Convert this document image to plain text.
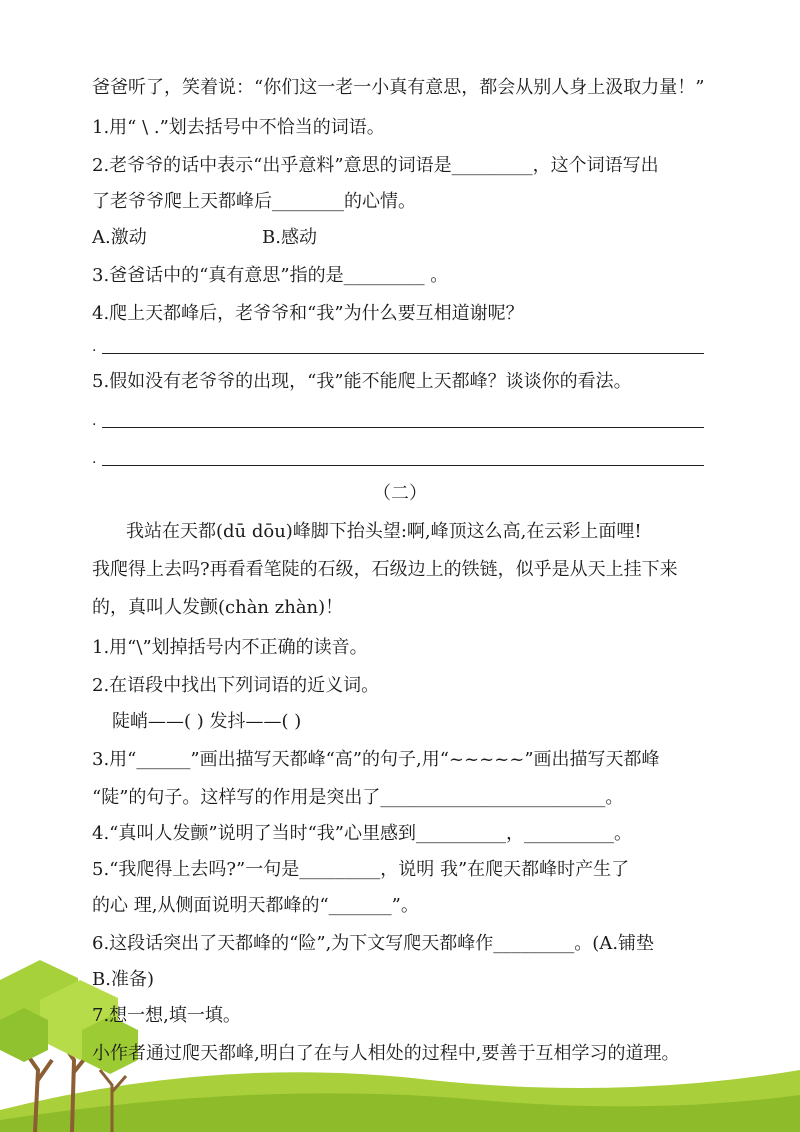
爸爸听了，笑着说：“你们这一老一小真有意思，都会从别人身上汲取力量！”
1.用“ \ .”划去括号中不恰当的词语。
2.老爷爷的话中表示“出乎意料”意思的词语是_________，这个词语写出
了老爷爷爬上天都峰后________的心情。
A.激动	B.感动
3.爸爸话中的“真有意思”指的是_________ 。
4.爬上天都峰后，老爷爷和“我”为什么要互相道谢呢？
.
5.假如没有老爷爷的出现，“我”能不能爬上天都峰？谈谈你的看法。
.
.
（二）
我站在天都(dū dōu)峰脚下抬头望:啊,峰顶这么高,在云彩上面哩!
我爬得上去吗?再看看笔陡的石级，石级边上的铁链，似乎是从天上挂下来
的，真叫人发颤(chàn zhàn)！
1.用“\”划掉括号内不正确的读音。
2.在语段中找出下列词语的近义词。
陡峭——( ) 发抖——( )
3.用“______”画出描写天都峰“高”的句子,用“~~~~~”画出描写天都峰
“陡”的句子。这样写的作用是突出了_________________________。
4.“真叫人发颤”说明了当时“我”心里感到__________，__________。
5.“我爬得上去吗?”一句是_________，说明 我”在爬天都峰时产生了
的心 理,从侧面说明天都峰的“_______”。
6.这段话突出了天都峰的“险”,为下文写爬天都峰作_________。(A.铺垫
B.准备)
7.想一想,填一填。
小作者通过爬天都峰,明白了在与人相处的过程中,要善于互相学习的道理。
